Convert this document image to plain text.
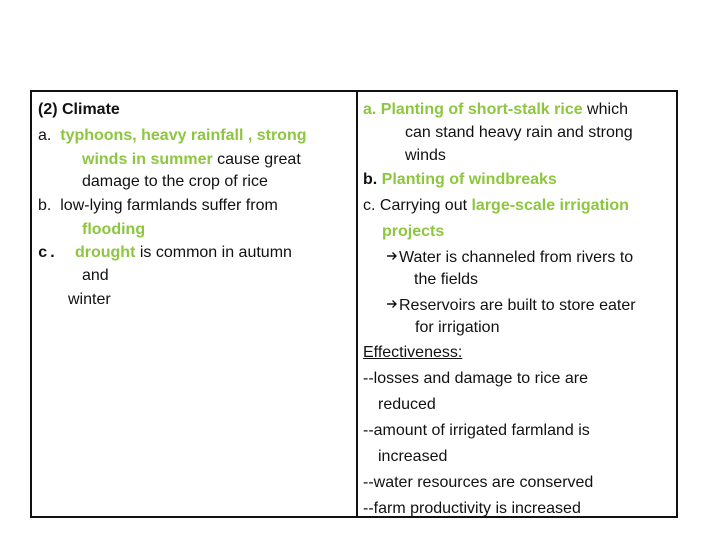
(2) Climate
a. typhoons, heavy rainfall , strong
winds in summer cause great
damage to the crop of rice
b. low-lying farmlands suffer from
flooding
c. drought is common in autumn
and
winter
a. Planting of short-stalk rice which
can stand heavy rain and strong
winds
b. Planting of windbreaks
c. Carrying out large-scale irrigation
projects
Water is channeled from rivers to
the fields
Reservoirs are built to store eater
for irrigation
Effectiveness:
--losses and damage to rice are
reduced
--amount of irrigated farmland is
increased
--water resources are conserved
--farm productivity is increased
